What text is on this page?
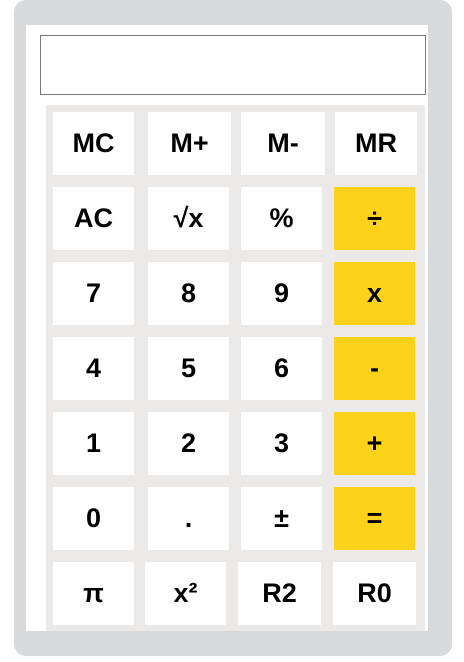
MC	M+	M-	MR
AC	√x	%	÷
7	8	9	x
4	5	6	-
1	2	3	+
0	.	±	=
π	x²	R2	R0
